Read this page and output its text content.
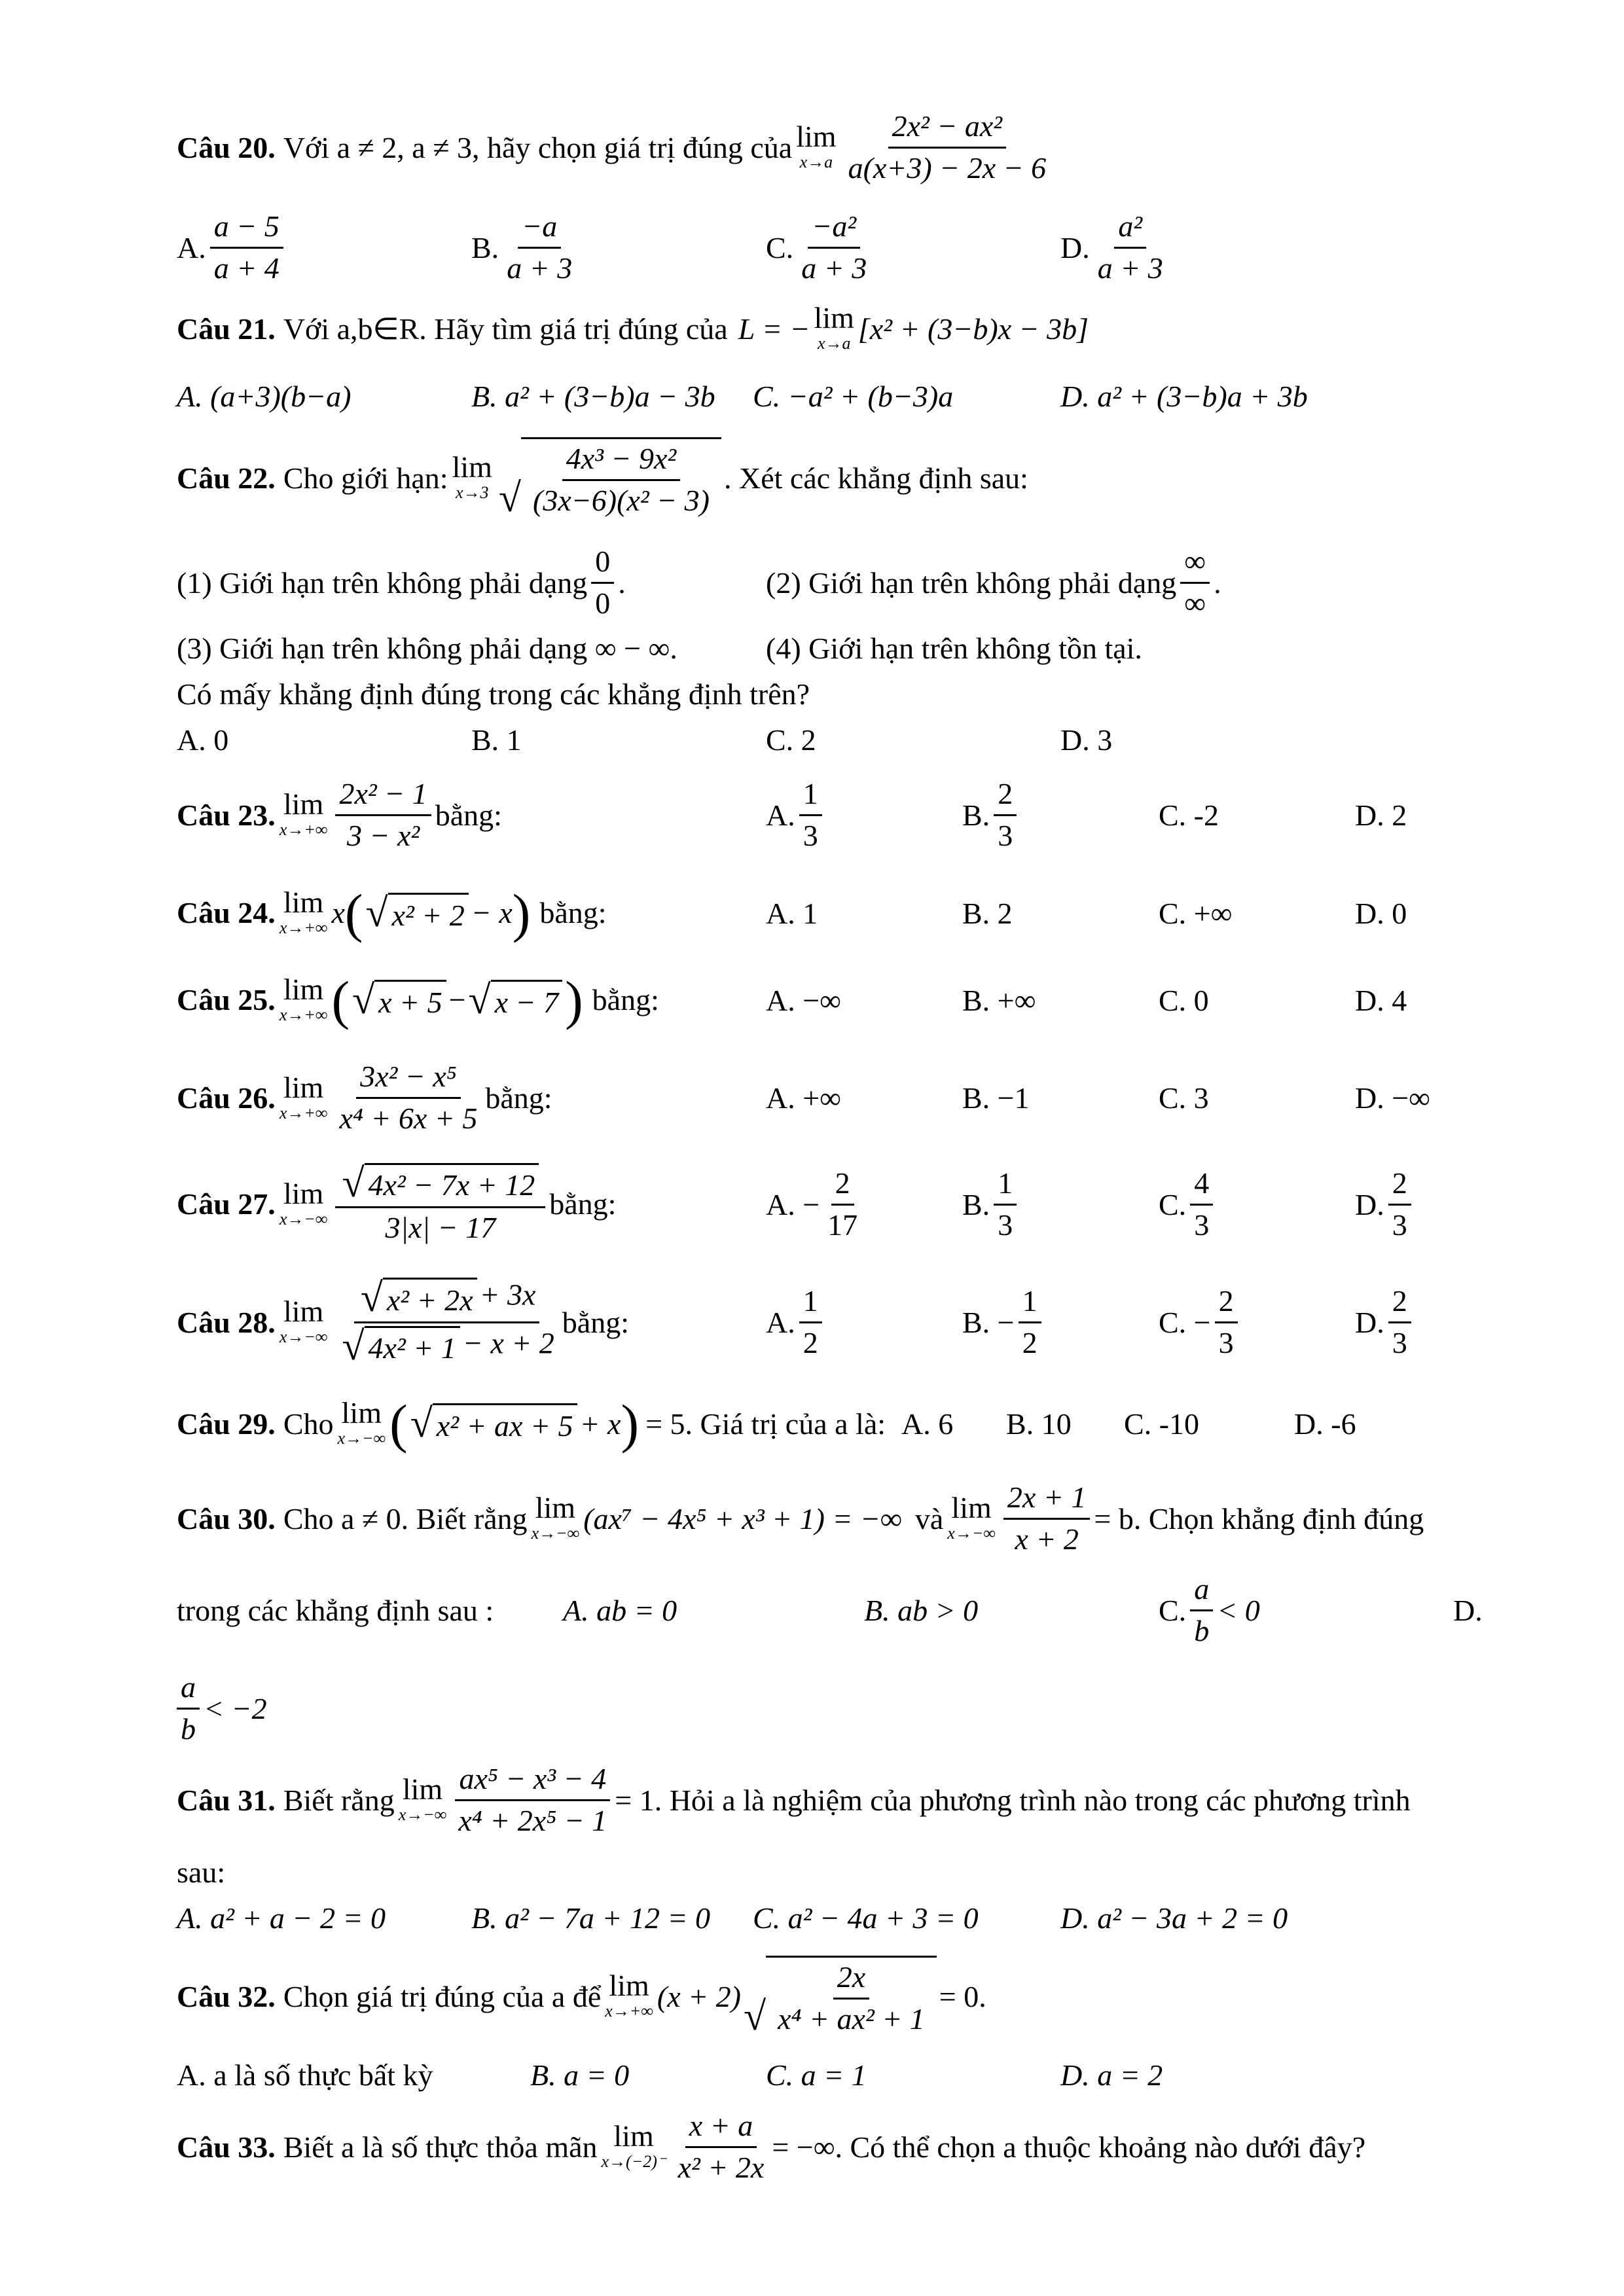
Câu 20. Với a ≠ 2, a ≠ 3, hãy chọn giá trị đúng của lim
$x\to a \frac{\text{2x² − ax²}}{a(x+3) - 2x - 6}$
A. $\frac{a - 5}{a + 4}$	B. $\frac{-a}{a + 3}$	C. $\frac{\text{−a²}}{a + 3}$	D. $\frac{\text{a²}}{a + 3}$
Câu 21. Với a,b∈R. Hãy tìm giá trị đúng của L = − lim
x→a [x² + (3−b)x − 3b]
A. (a+3)(b−a)	B. a² + (3−b)a − 3b	C. −a² + (b−3)a	D. a² + (3−b)a + 3b
Câu 22. Cho giới hạn: lim
x→3 √ $\frac{\text{4x³ − 9x²}}{\text{(3x−6)(x² − 3)}}$ . Xét các khẳng định sau:
(1) Giới hạn trên không phải dạng $\frac{0}{0}$ .	(2) Giới hạn trên không phải dạng $\frac{\infty}{\infty}$ .
(3) Giới hạn trên không phải dạng ∞ − ∞.	(4) Giới hạn trên không tồn tại.
Có mấy khẳng định đúng trong các khẳng định trên?
A. 0	B. 1	C. 2	D. 3
Câu 23. lim
$x\to+\infty \frac{\text{2x² − 1}}{\text{3 − x²}}$ bằng:	A. $\frac{1}{3}$	B. $\frac{2}{3}$	C. -2	D. 2
Câu 24. lim
x→+∞ x ( √ x² + 2 − x ) bằng:	A. 1	B. 2	C. +∞	D. 0
Câu 25. lim
x→+∞ ( √ x + 5 − √ x − 7 ) bằng:	A. −∞	B. +∞	C. 0	D. 4
Câu 26. lim
$x\to+\infty \frac{\text{3x² − x⁵}}{\text{x⁴ + 6x + 5}}$ bằng:	A. +∞	B. −1	C. 3	D. −∞
Câu 27. lim
$x\to-\infty \frac{\text{√ 4x² − 7x + 12}}{3|x| - 17}$ bằng:	A. − $\frac{2}{17}$	B. $\frac{1}{3}$	C. $\frac{4}{3}$	D. $\frac{2}{3}$
Câu 28. lim
$x\to-\infty \frac{\text{√ x² + 2x + 3x}}{\text{√ 4x² + 1 − x + 2}}$ bằng:	A. $\frac{1}{2}$	B. − $\frac{1}{2}$	C. − $\frac{2}{3}$	D. $\frac{2}{3}$
Câu 29. Cho lim
x→−∞ ( √ x² + ax + 5 + x ) = 5 . Giá trị của a là: A. 6	B. 10	C. -10	D. -6
Câu 30. Cho a ≠ 0. Biết rằng lim
x→−∞ (ax⁷ − 4x⁵ + x³ + 1) = −∞ và lim
$x\to-\infty \frac{2x + 1}{x + 2} = b$. Chọn khẳng định đúng
trong các khẳng định sau :	A. ab = 0	B. ab > 0	C. $\frac{a}{b} < 0$	D.
$\frac{a}{b} < -2$
Câu 31. Biết rằng lim
$x\to-\infty \frac{\text{ax⁵ − x³ − 4}}{\text{x⁴ + 2x⁵ − 1}} = 1$. Hỏi a là nghiệm của phương trình nào trong các phương trình
sau:
A. a² + a − 2 = 0	B. a² − 7a + 12 = 0	C. a² − 4a + 3 = 0	D. a² − 3a + 2 = 0
Câu 32. Chọn giá trị đúng của a để lim
x→+∞ (x + 2) √ $\frac{2x}{\text{x⁴ + ax² + 1}} = 0$.
A. a là số thực bất kỳ	B. a = 0	C. a = 1	D. a = 2
Câu 33. Biết a là số thực thỏa mãn lim
$x\to(-2)^- \frac{x + a}{\text{x² + 2x}}$ = −∞. Có thể chọn a thuộc khoảng nào dưới đây?
